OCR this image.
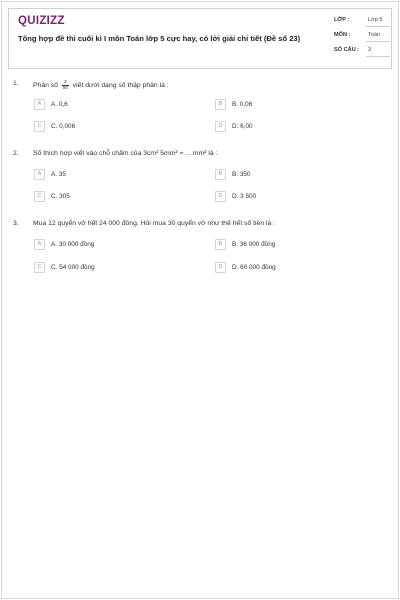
QUIZIZZ
Tổng hợp đề thi cuối kì I môn Toán lớp 5 cực hay, có lời giải chi tiết (Đề số 23)
LỚP :	Lớp 5
MÔN :	Toán
SỐ CÂU : 3
1. Phân số $\frac{3}{50}$ viết dưới dạng số thập phân là :
A	A. 0,6	B	B. 0,06
C	C. 0,006	D	D. 6,00
2. Số thích hợp viết vào chỗ chấm của 3cm² 5mm² = ....mm² là :
A	A. 35	B	B. 350
C	C. 305	D	D. 3 500
3. Mua 12 quyển vở hết 24 000 đồng. Hỏi mua 30 quyển vở như thế hết số tiền là :
A	A. 30 000 đồng	B	B. 36 000 đồng
C	C. 54 000 đồng	D	D. 60 000 đồng
